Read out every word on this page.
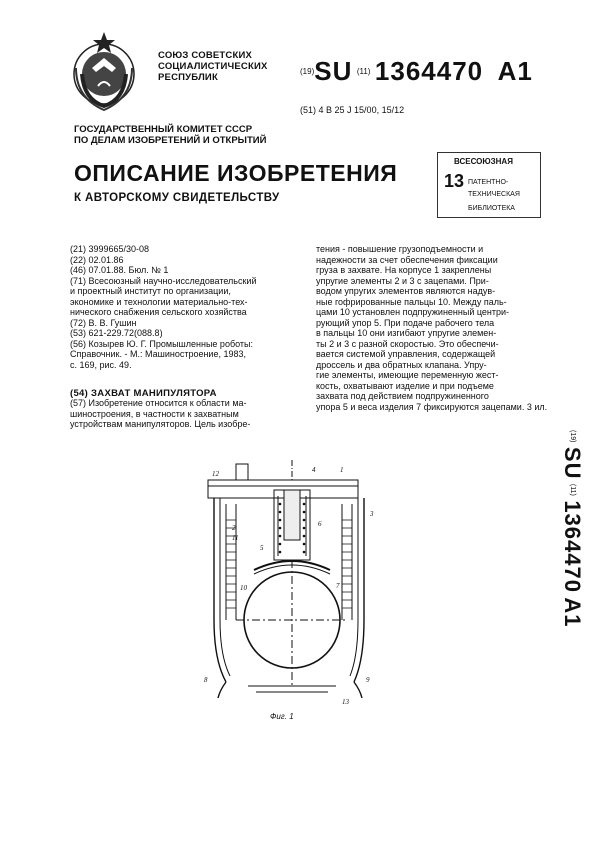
СОЮЗ СОВЕТСКИХ
СОЦИАЛИСТИЧЕСКИХ
РЕСПУБЛИК
(19)SU (11) 1364470 A1
(51) 4 B 25 J 15/00, 15/12
ГОСУДАРСТВЕННЫЙ КОМИТЕТ СССР
ПО ДЕЛАМ ИЗОБРЕТЕНИЙ И ОТКРЫТИЙ
ОПИСАНИЕ ИЗОБРЕТЕНИЯ
К АВТОРСКОМУ СВИДЕТЕЛЬСТВУ
ВСЕСОЮЗНАЯ
13 ПАТЕНТНО-
ТЕХНИЧЕСКАЯ
БИБЛИОТЕКА
(21) 3999665/30-08
(22) 02.01.86
(46) 07.01.88. Бюл. № 1
(71) Всесоюзный научно-исследовательский
и проектный институт по организации,
экономике и технологии материально-тех-
нического снабжения сельского хозяйства
(72) В. В. Гушин
(53) 621-229.72(088.8)
(56) Козырев Ю. Г. Промышленные роботы:
Справочник. - М.: Машиностроение, 1983,
с. 169, рис. 49.
(54) ЗАХВАТ МАНИПУЛЯТОРА
(57) Изобретение относится к области ма-
шиностроения, в частности к захватным
устройствам манипуляторов. Цель изобре-
тения - повышение грузоподъемности и
надежности за счет обеспечения фиксации
груза в захвате. На корпусе 1 закреплены
упругие элементы 2 и 3 с зацепами. При-
водом упругих элементов являются надув-
ные гофрированные пальцы 10. Между паль-
цами 10 установлен подпружиненный центри-
рующий упор 5. При подаче рабочего тела
в пальцы 10 они изгибают упругие элемен-
ты 2 и 3 с разной скоростью. Это обеспечи-
вается системой управления, содержащей
дроссель и два обратных клапана. Упру-
гие элементы, имеющие переменную жест-
кость, охватывают изделие и при подъеме
захвата под действием подпружиненного
упора 5 и веса изделия 7 фиксируются зацепами. 3 ил.
(19) SU (11) 1364470 A1
12	1
4
2
11
6
5
10	7
8	9
3
13
Фиг. 1
